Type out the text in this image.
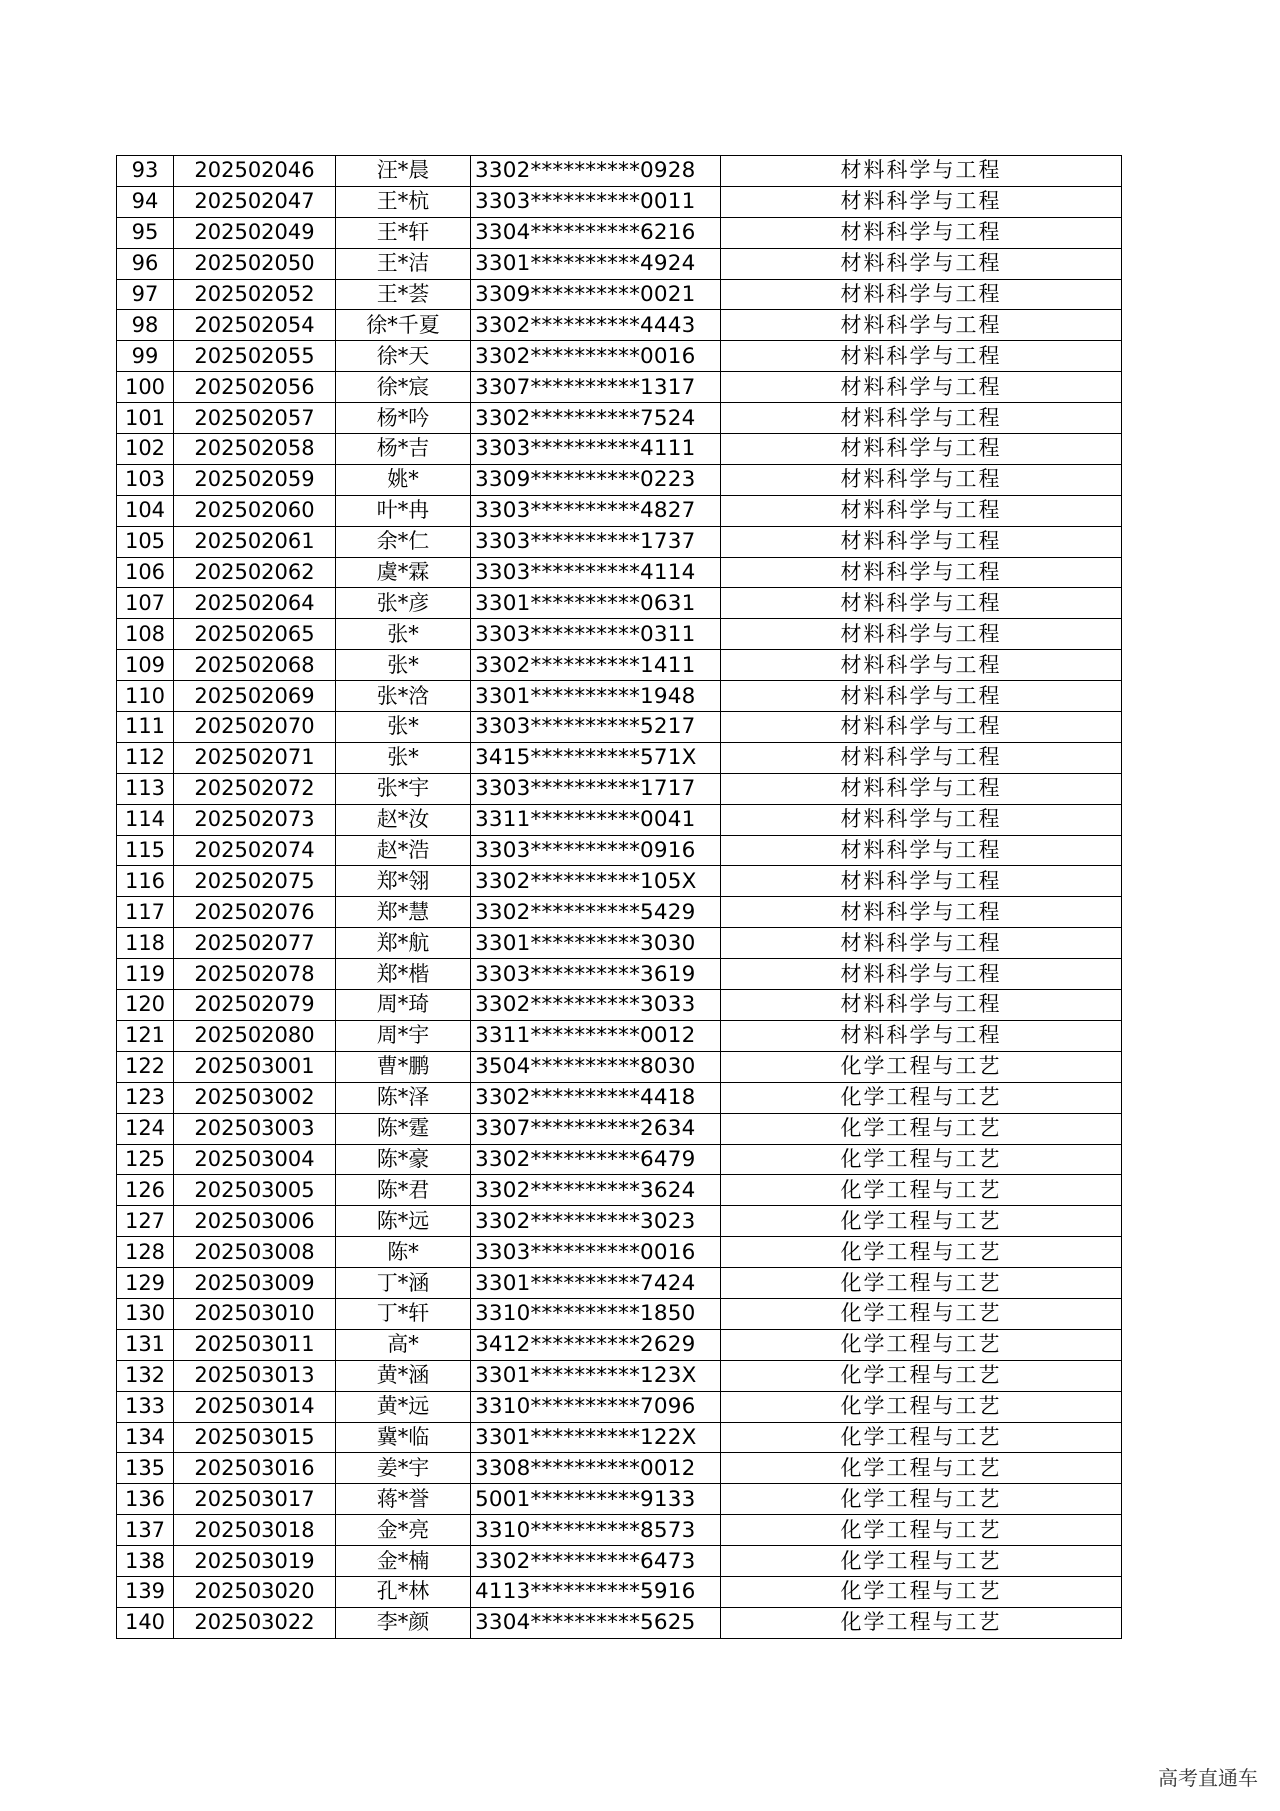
93	202502046	汪*晨	3302**********0928	材料科学与工程
94	202502047	王*杭	3303**********0011	材料科学与工程
95	202502049	王*轩	3304**********6216	材料科学与工程
96	202502050	王*洁	3301**********4924	材料科学与工程
97	202502052	王*荟	3309**********0021	材料科学与工程
98	202502054	徐*千夏	3302**********4443	材料科学与工程
99	202502055	徐*天	3302**********0016	材料科学与工程
100	202502056	徐*宸	3307**********1317	材料科学与工程
101	202502057	杨*吟	3302**********7524	材料科学与工程
102	202502058	杨*吉	3303**********4111	材料科学与工程
103	202502059	姚*	3309**********0223	材料科学与工程
104	202502060	叶*冉	3303**********4827	材料科学与工程
105	202502061	余*仁	3303**********1737	材料科学与工程
106	202502062	虞*霖	3303**********4114	材料科学与工程
107	202502064	张*彦	3301**********0631	材料科学与工程
108	202502065	张*	3303**********0311	材料科学与工程
109	202502068	张*	3302**********1411	材料科学与工程
110	202502069	张*浛	3301**********1948	材料科学与工程
111	202502070	张*	3303**********5217	材料科学与工程
112	202502071	张*	3415**********571X	材料科学与工程
113	202502072	张*宇	3303**********1717	材料科学与工程
114	202502073	赵*汝	3311**********0041	材料科学与工程
115	202502074	赵*浩	3303**********0916	材料科学与工程
116	202502075	郑*翎	3302**********105X	材料科学与工程
117	202502076	郑*慧	3302**********5429	材料科学与工程
118	202502077	郑*航	3301**********3030	材料科学与工程
119	202502078	郑*楷	3303**********3619	材料科学与工程
120	202502079	周*琦	3302**********3033	材料科学与工程
121	202502080	周*宇	3311**********0012	材料科学与工程
122	202503001	曹*鹏	3504**********8030	化学工程与工艺
123	202503002	陈*泽	3302**********4418	化学工程与工艺
124	202503003	陈*霆	3307**********2634	化学工程与工艺
125	202503004	陈*豪	3302**********6479	化学工程与工艺
126	202503005	陈*君	3302**********3624	化学工程与工艺
127	202503006	陈*远	3302**********3023	化学工程与工艺
128	202503008	陈*	3303**********0016	化学工程与工艺
129	202503009	丁*涵	3301**********7424	化学工程与工艺
130	202503010	丁*轩	3310**********1850	化学工程与工艺
131	202503011	高*	3412**********2629	化学工程与工艺
132	202503013	黄*涵	3301**********123X	化学工程与工艺
133	202503014	黄*远	3310**********7096	化学工程与工艺
134	202503015	冀*临	3301**********122X	化学工程与工艺
135	202503016	姜*宇	3308**********0012	化学工程与工艺
136	202503017	蒋*誉	5001**********9133	化学工程与工艺
137	202503018	金*亮	3310**********8573	化学工程与工艺
138	202503019	金*楠	3302**********6473	化学工程与工艺
139	202503020	孔*林	4113**********5916	化学工程与工艺
140	202503022	李*颜	3304**********5625	化学工程与工艺
高考直通车
